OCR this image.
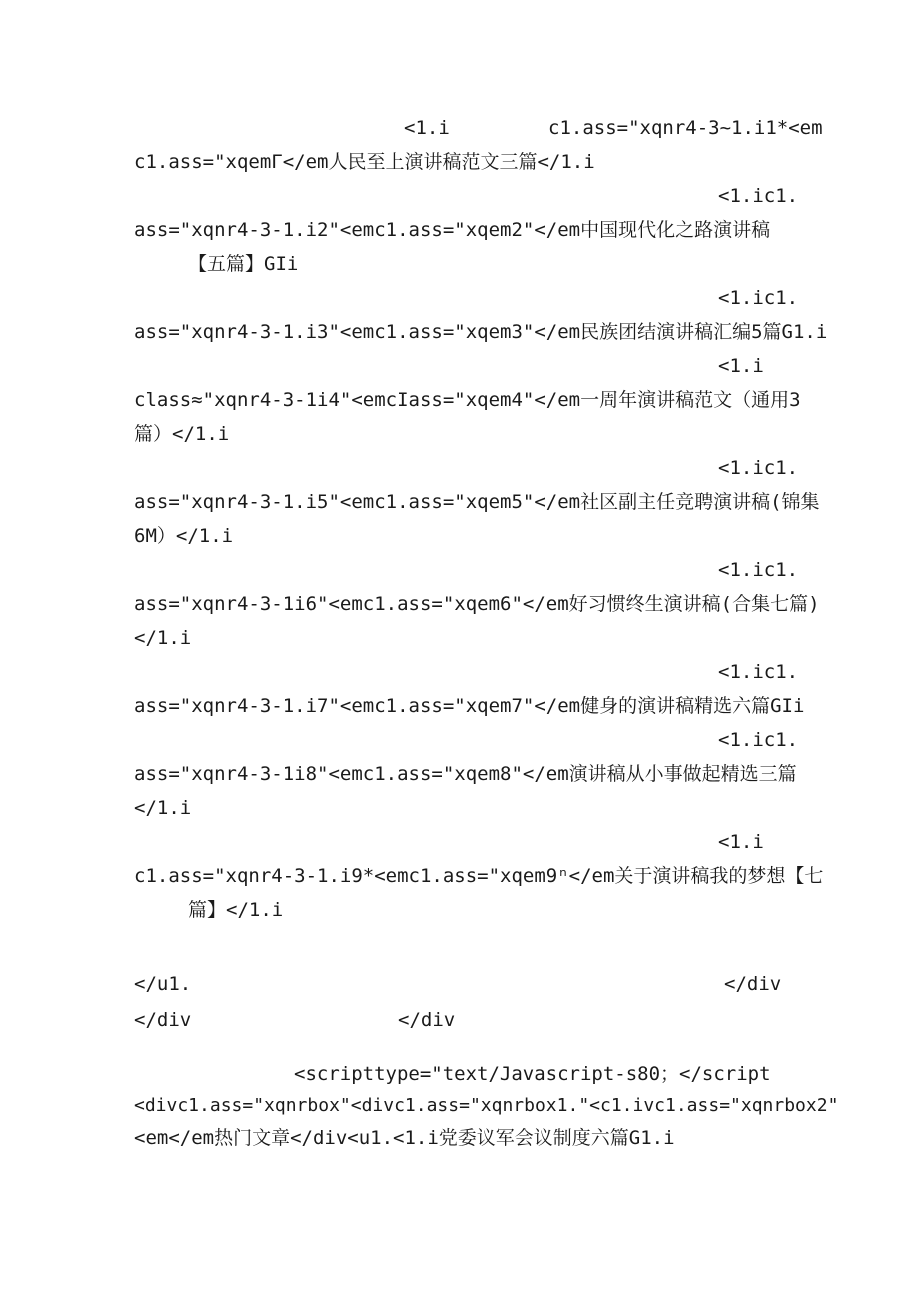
<1.i	c1.ass="xqnr4-3~1.i1*<em

c1.ass="xqemΓ</em人民至上演讲稿范文三篇</1.i

<1.ic1.

ass="xqnr4-3-1.i2"<emc1.ass="xqem2"</em中国现代化之路演讲稿

【五篇】GIi

<1.ic1.

ass="xqnr4-3-1.i3"<emc1.ass="xqem3"</em民族团结演讲稿汇编5篇G1.i

<1.i

class≈"xqnr4-3-1i4"<emcIass="xqem4"</em一周年演讲稿范文（通用3

篇）</1.i

<1.ic1.

ass="xqnr4-3-1.i5"<emc1.ass="xqem5"</em社区副主任竞聘演讲稿(锦集

6M）</1.i

<1.ic1.

ass="xqnr4-3-1i6"<emc1.ass="xqem6"</em好习惯终生演讲稿(合集七篇)

</1.i

<1.ic1.

ass="xqnr4-3-1.i7"<emc1.ass="xqem7"</em健身的演讲稿精选六篇GIi

<1.ic1.

ass="xqnr4-3-1i8"<emc1.ass="xqem8"</em演讲稿从小事做起精选三篇

</1.i

<1.i

c1.ass="xqnr4-3-1.i9*<emc1.ass="xqem9ⁿ</em关于演讲稿我的梦想【七

篇】</1.i

</u1.	</div

</div	</div

<scripttype="text/Javascript-s80；</script

<divc1.ass="xqnrbox"<divc1.ass="xqnrbox1."<c1.ivc1.ass="xqnrbox2"

<em</em热门文章</div<u1.<1.i党委议军会议制度六篇G1.i
